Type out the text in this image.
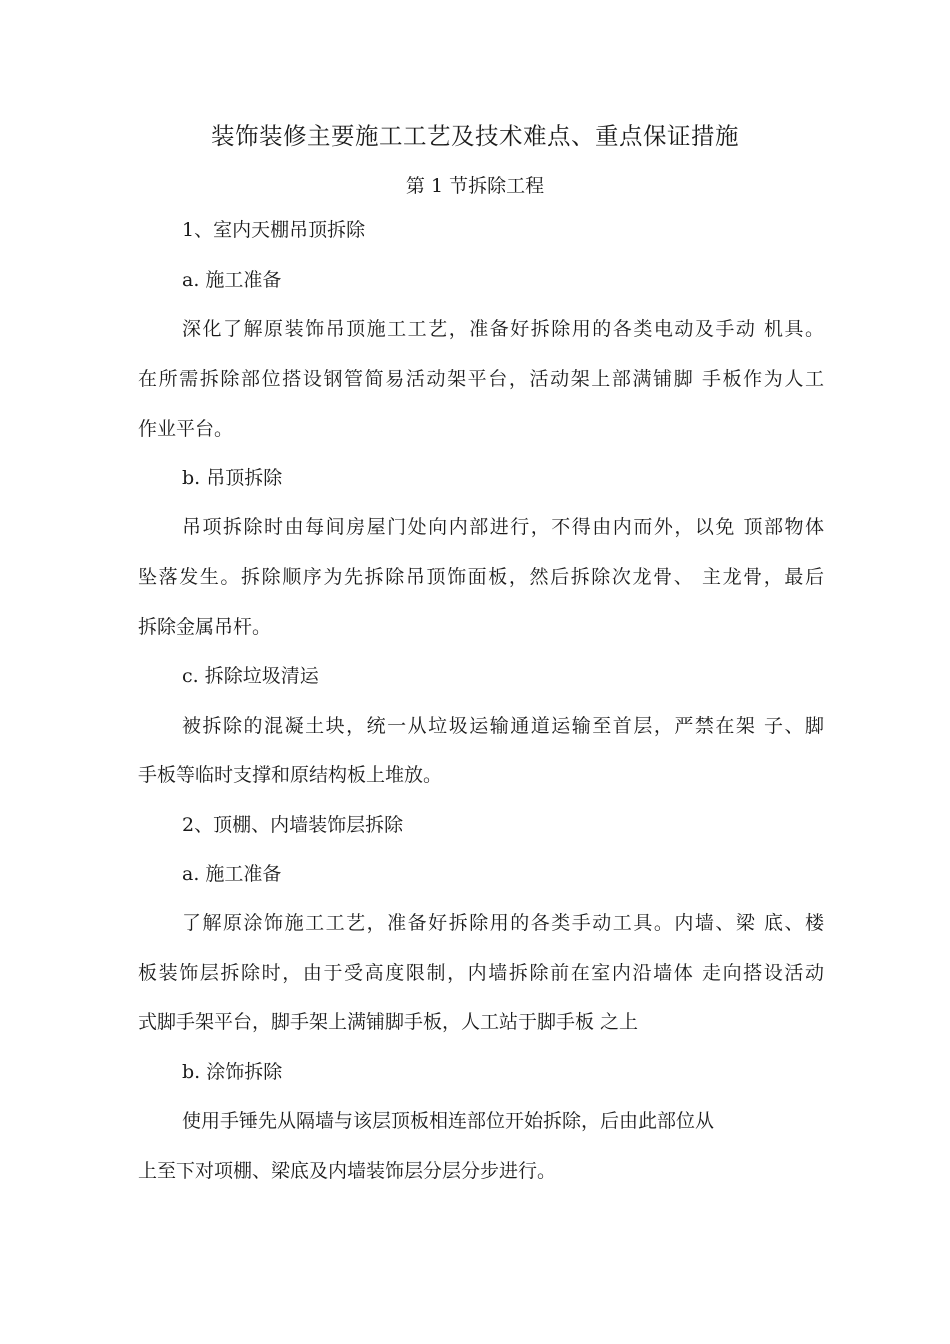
装饰装修主要施工工艺及技术难点、重点保证措施
第 1 节拆除工程
1、室内天棚吊顶拆除
a. 施工准备
深化了解原装饰吊顶施工工艺，准备好拆除用的各类电动及手动 机具。
在所需拆除部位搭设钢管简易活动架平台，活动架上部满铺脚 手板作为人工
作业平台。
b. 吊顶拆除
吊项拆除时由每间房屋门处向内部进行，不得由内而外，以免 顶部物体
坠落发生。拆除顺序为先拆除吊顶饰面板，然后拆除次龙骨、 主龙骨，最后
拆除金属吊杆。
c. 拆除垃圾清运
被拆除的混凝土块，统一从垃圾运输通道运输至首层，严禁在架 子、脚
手板等临时支撑和原结构板上堆放。
2、顶棚、内墙装饰层拆除
a. 施工准备
了解原涂饰施工工艺，准备好拆除用的各类手动工具。内墙、梁 底、楼
板装饰层拆除时，由于受高度限制，内墙拆除前在室内沿墙体 走向搭设活动
式脚手架平台，脚手架上满铺脚手板，人工站于脚手板 之上
b. 涂饰拆除
使用手锤先从隔墙与该层顶板相连部位开始拆除，后由此部位从
上至下对项棚、梁底及内墙装饰层分层分步进行。
